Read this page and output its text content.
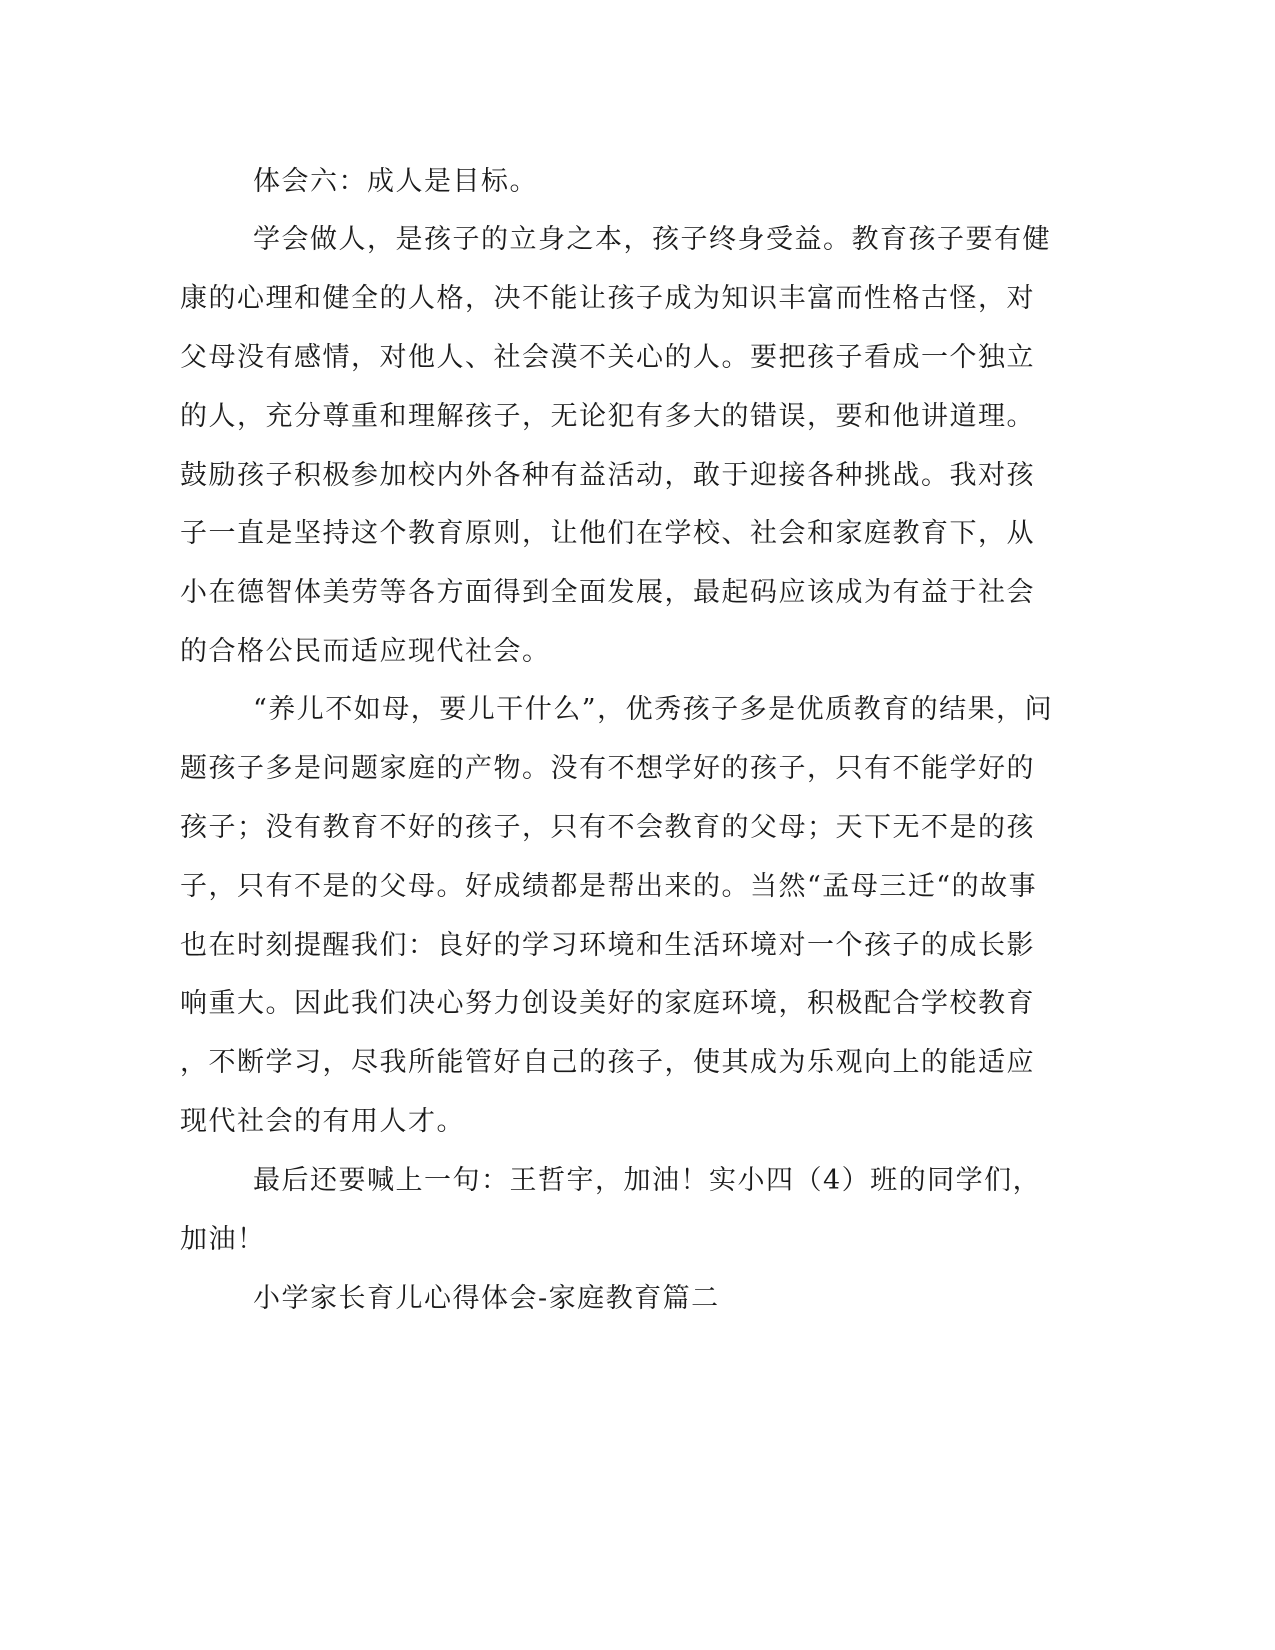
体会六：成人是目标。
学会做人，是孩子的立身之本，孩子终身受益。教育孩子要有健
康的心理和健全的人格，决不能让孩子成为知识丰富而性格古怪，对
父母没有感情，对他人、社会漠不关心的人。要把孩子看成一个独立
的人，充分尊重和理解孩子，无论犯有多大的错误，要和他讲道理。
鼓励孩子积极参加校内外各种有益活动，敢于迎接各种挑战。我对孩
子一直是坚持这个教育原则，让他们在学校、社会和家庭教育下，从
小在德智体美劳等各方面得到全面发展，最起码应该成为有益于社会
的合格公民而适应现代社会。
“养儿不如母，要儿干什么”，优秀孩子多是优质教育的结果，问
题孩子多是问题家庭的产物。没有不想学好的孩子，只有不能学好的
孩子；没有教育不好的孩子，只有不会教育的父母；天下无不是的孩
子，只有不是的父母。好成绩都是帮出来的。当然“孟母三迁“的故事
也在时刻提醒我们：良好的学习环境和生活环境对一个孩子的成长影
响重大。因此我们决心努力创设美好的家庭环境，积极配合学校教育
，不断学习，尽我所能管好自己的孩子，使其成为乐观向上的能适应
现代社会的有用人才。
最后还要喊上一句：王哲宇，加油！实小四（4）班的同学们，
加油！
小学家长育儿心得体会-家庭教育篇二
